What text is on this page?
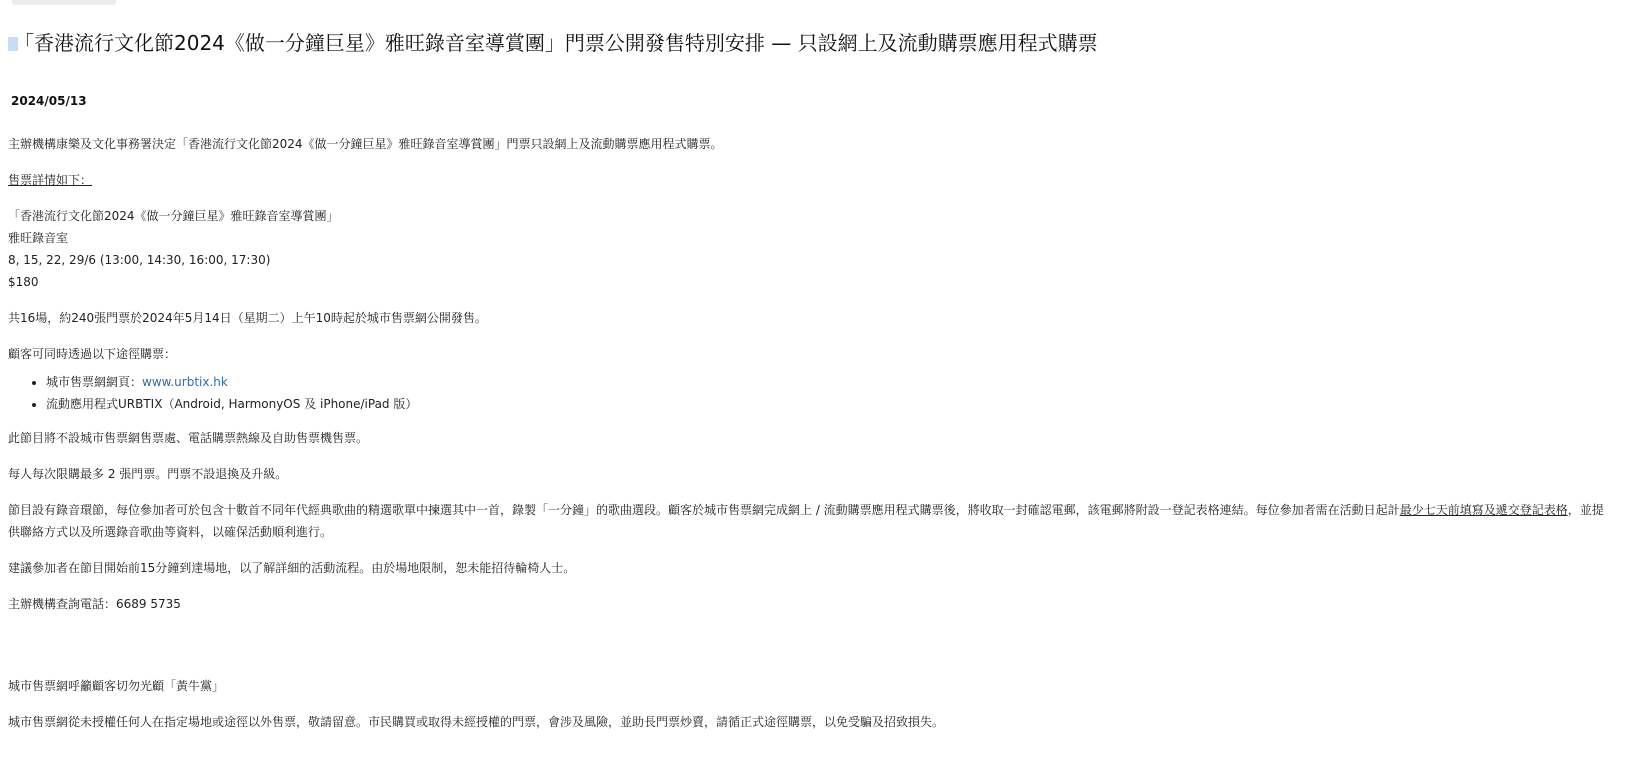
「香港流行文化節2024《做一分鐘巨星》雅旺錄音室導賞團」門票公開發售特別安排 — 只設網上及流動購票應用程式購票

2024/05/13

主辦機構康樂及文化事務署決定「香港流行文化節2024《做一分鐘巨星》雅旺錄音室導賞團」門票只設網上及流動購票應用程式購票。

售票詳情如下：

「香港流行文化節2024《做一分鐘巨星》雅旺錄音室導賞團」
雅旺錄音室
8, 15, 22, 29/6 (13:00, 14:30, 16:00, 17:30)
$180

共16場，約240張門票於2024年5月14日（星期二）上午10時起於城市售票網公開發售。

顧客可同時透過以下途徑購票：

• 城市售票網網頁：www.urbtix.hk
• 流動應用程式URBTIX（Android, HarmonyOS 及 iPhone/iPad 版）

此節目將不設城市售票網售票處、電話購票熱線及自助售票機售票。

每人每次限購最多 2 張門票。門票不設退換及升級。

節目設有錄音環節，每位參加者可於包含十數首不同年代經典歌曲的精選歌單中揀選其中一首，錄製「一分鐘」的歌曲選段。顧客於城市售票網完成網上 / 流動購票應用程式購票後，將收取一封確認電郵，該電郵將附設一登記表格連結。每位參加者需在活動日起計最少七天前填寫及遞交登記表格，並提供聯絡方式以及所選錄音歌曲等資料，以確保活動順利進行。

建議參加者在節目開始前15分鐘到達場地，以了解詳細的活動流程。由於場地限制，恕未能招待輪椅人士。

主辦機構查詢電話：6689 5735

城市售票網呼籲顧客切勿光顧「黃牛黨」

城市售票網從未授權任何人在指定場地或途徑以外售票，敬請留意。市民購買或取得未經授權的門票，會涉及風險，並助長門票炒賣，請循正式途徑購票，以免受騙及招致損失。
